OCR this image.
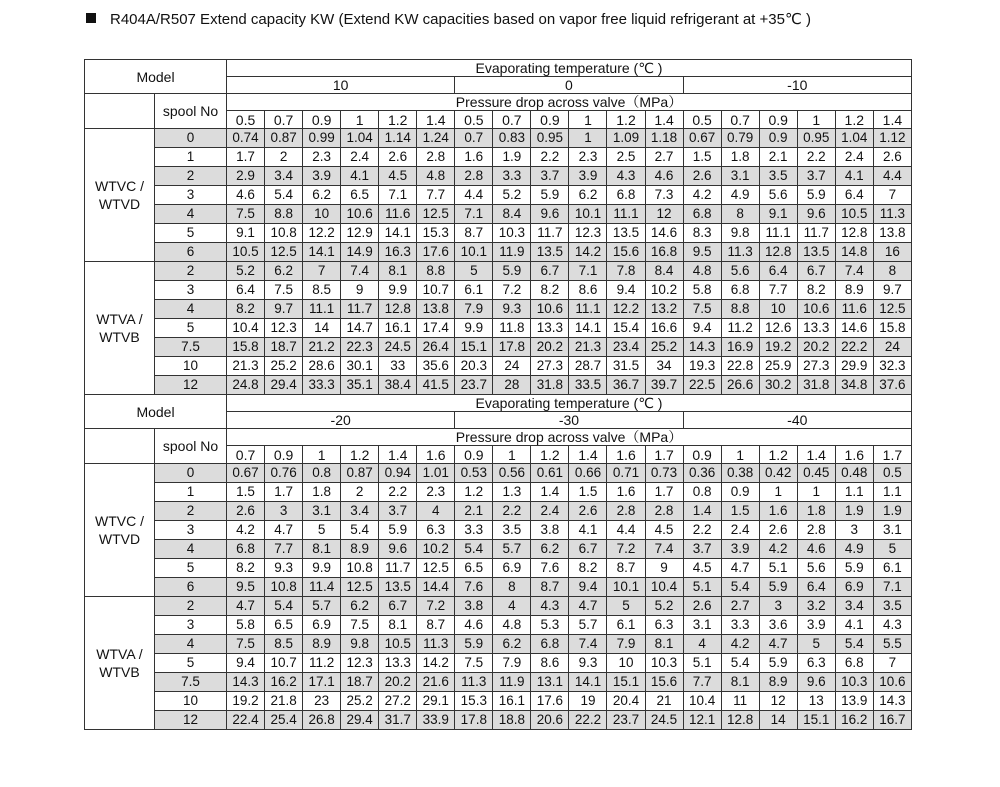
R404A/R507 Extend capacity KW (Extend KW capacities based on vapor free liquid refrigerant at +35℃ )
Model		Evaporating temperature (℃ )																	
		10						0						-10					
	spool No	Pressure drop across valve（MPa）																	
		0.5	0.7	0.9	1	1.2	1.4	0.5	0.7	0.9	1	1.2	1.4	0.5	0.7	0.9	1	1.2	1.4
WTVC /
WTVD	0	0.74	0.87	0.99	1.04	1.14	1.24	0.7	0.83	0.95	1	1.09	1.18	0.67	0.79	0.9	0.95	1.04	1.12
	1	1.7	2	2.3	2.4	2.6	2.8	1.6	1.9	2.2	2.3	2.5	2.7	1.5	1.8	2.1	2.2	2.4	2.6
	2	2.9	3.4	3.9	4.1	4.5	4.8	2.8	3.3	3.7	3.9	4.3	4.6	2.6	3.1	3.5	3.7	4.1	4.4
	3	4.6	5.4	6.2	6.5	7.1	7.7	4.4	5.2	5.9	6.2	6.8	7.3	4.2	4.9	5.6	5.9	6.4	7
	4	7.5	8.8	10	10.6	11.6	12.5	7.1	8.4	9.6	10.1	11.1	12	6.8	8	9.1	9.6	10.5	11.3
	5	9.1	10.8	12.2	12.9	14.1	15.3	8.7	10.3	11.7	12.3	13.5	14.6	8.3	9.8	11.1	11.7	12.8	13.8
	6	10.5	12.5	14.1	14.9	16.3	17.6	10.1	11.9	13.5	14.2	15.6	16.8	9.5	11.3	12.8	13.5	14.8	16
WTVA /
WTVB	2	5.2	6.2	7	7.4	8.1	8.8	5	5.9	6.7	7.1	7.8	8.4	4.8	5.6	6.4	6.7	7.4	8
	3	6.4	7.5	8.5	9	9.9	10.7	6.1	7.2	8.2	8.6	9.4	10.2	5.8	6.8	7.7	8.2	8.9	9.7
	4	8.2	9.7	11.1	11.7	12.8	13.8	7.9	9.3	10.6	11.1	12.2	13.2	7.5	8.8	10	10.6	11.6	12.5
	5	10.4	12.3	14	14.7	16.1	17.4	9.9	11.8	13.3	14.1	15.4	16.6	9.4	11.2	12.6	13.3	14.6	15.8
	7.5	15.8	18.7	21.2	22.3	24.5	26.4	15.1	17.8	20.2	21.3	23.4	25.2	14.3	16.9	19.2	20.2	22.2	24
	10	21.3	25.2	28.6	30.1	33	35.6	20.3	24	27.3	28.7	31.5	34	19.3	22.8	25.9	27.3	29.9	32.3
	12	24.8	29.4	33.3	35.1	38.4	41.5	23.7	28	31.8	33.5	36.7	39.7	22.5	26.6	30.2	31.8	34.8	37.6
Model		Evaporating temperature (℃ )																	
		-20						-30						-40					
	spool No	Pressure drop across valve（MPa）																	
		0.7	0.9	1	1.2	1.4	1.6	0.9	1	1.2	1.4	1.6	1.7	0.9	1	1.2	1.4	1.6	1.7
WTVC /
WTVD	0	0.67	0.76	0.8	0.87	0.94	1.01	0.53	0.56	0.61	0.66	0.71	0.73	0.36	0.38	0.42	0.45	0.48	0.5
	1	1.5	1.7	1.8	2	2.2	2.3	1.2	1.3	1.4	1.5	1.6	1.7	0.8	0.9	1	1	1.1	1.1
	2	2.6	3	3.1	3.4	3.7	4	2.1	2.2	2.4	2.6	2.8	2.8	1.4	1.5	1.6	1.8	1.9	1.9
	3	4.2	4.7	5	5.4	5.9	6.3	3.3	3.5	3.8	4.1	4.4	4.5	2.2	2.4	2.6	2.8	3	3.1
	4	6.8	7.7	8.1	8.9	9.6	10.2	5.4	5.7	6.2	6.7	7.2	7.4	3.7	3.9	4.2	4.6	4.9	5
	5	8.2	9.3	9.9	10.8	11.7	12.5	6.5	6.9	7.6	8.2	8.7	9	4.5	4.7	5.1	5.6	5.9	6.1
	6	9.5	10.8	11.4	12.5	13.5	14.4	7.6	8	8.7	9.4	10.1	10.4	5.1	5.4	5.9	6.4	6.9	7.1
WTVA /
WTVB	2	4.7	5.4	5.7	6.2	6.7	7.2	3.8	4	4.3	4.7	5	5.2	2.6	2.7	3	3.2	3.4	3.5
	3	5.8	6.5	6.9	7.5	8.1	8.7	4.6	4.8	5.3	5.7	6.1	6.3	3.1	3.3	3.6	3.9	4.1	4.3
	4	7.5	8.5	8.9	9.8	10.5	11.3	5.9	6.2	6.8	7.4	7.9	8.1	4	4.2	4.7	5	5.4	5.5
	5	9.4	10.7	11.2	12.3	13.3	14.2	7.5	7.9	8.6	9.3	10	10.3	5.1	5.4	5.9	6.3	6.8	7
	7.5	14.3	16.2	17.1	18.7	20.2	21.6	11.3	11.9	13.1	14.1	15.1	15.6	7.7	8.1	8.9	9.6	10.3	10.6
	10	19.2	21.8	23	25.2	27.2	29.1	15.3	16.1	17.6	19	20.4	21	10.4	11	12	13	13.9	14.3
	12	22.4	25.4	26.8	29.4	31.7	33.9	17.8	18.8	20.6	22.2	23.7	24.5	12.1	12.8	14	15.1	16.2	16.7
